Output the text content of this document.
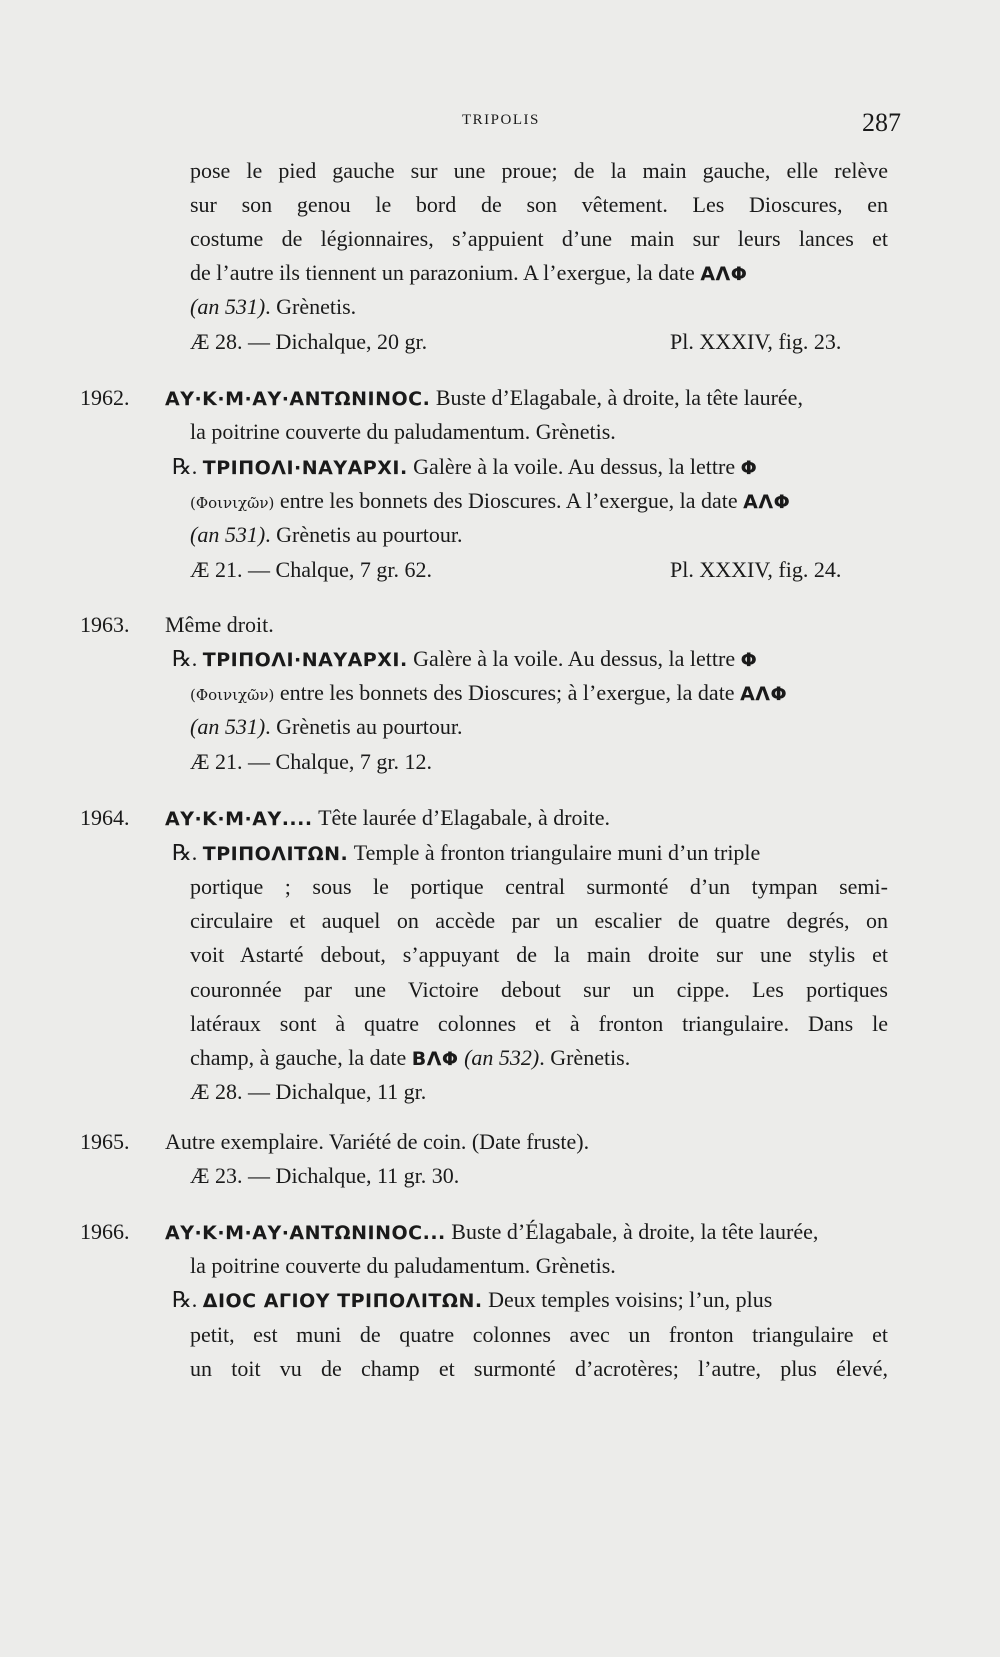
TRIPOLIS	287
pose le pied gauche sur une proue; de la main gauche, elle relève
sur son genou le bord de son vêtement. Les Dioscures, en
costume de légionnaires, s’appuient d’une main sur leurs lances et
de l’autre ils tiennent un parazonium. A l’exergue, la date ΑΛΦ
(an 531). Grènetis.
Æ 28. — Dichalque, 20 gr.	Pl. XXXIV, fig. 23.
1962. ΑΥ·Κ·Μ·ΑΥ·ΑΝΤΩΝΙΝΟϹ. Buste d’Elagabale, à droite, la tête laurée,
la poitrine couverte du paludamentum. Grènetis.
℞. ΤΡΙΠΟΛΙ·ΝΑΥΑΡΧΙ. Galère à la voile. Au dessus, la lettre Φ
(Φοινιχῶν) entre les bonnets des Dioscures. A l’exergue, la date ΑΛΦ
(an 531). Grènetis au pourtour.
Æ 21. — Chalque, 7 gr. 62.	Pl. XXXIV, fig. 24.
1963. Même droit.
℞. ΤΡΙΠΟΛΙ·ΝΑΥΑΡΧΙ. Galère à la voile. Au dessus, la lettre Φ
(Φοινιχῶν) entre les bonnets des Dioscures; à l’exergue, la date ΑΛΦ
(an 531). Grènetis au pourtour.
Æ 21. — Chalque, 7 gr. 12.
1964. ΑΥ·Κ·Μ·ΑΥ.... Tête laurée d’Elagabale, à droite.
℞. ΤΡΙΠΟΛΙΤΩΝ. Temple à fronton triangulaire muni d’un triple
portique ; sous le portique central surmonté d’un tympan semi-
circulaire et auquel on accède par un escalier de quatre degrés, on
voit Astarté debout, s’appuyant de la main droite sur une stylis et
couronnée par une Victoire debout sur un cippe. Les portiques
latéraux sont à quatre colonnes et à fronton triangulaire. Dans le
champ, à gauche, la date ΒΛΦ (an 532). Grènetis.
Æ 28. — Dichalque, 11 gr.
1965. Autre exemplaire. Variété de coin. (Date fruste).
Æ 23. — Dichalque, 11 gr. 30.
1966. ΑΥ·Κ·Μ·ΑΥ·ΑΝΤΩΝΙΝΟϹ... Buste d’Élagabale, à droite, la tête laurée,
la poitrine couverte du paludamentum. Grènetis.
℞. ΔΙΟϹ ΑΓΙΟΥ ΤΡΙΠΟΛΙΤΩΝ. Deux temples voisins; l’un, plus
petit, est muni de quatre colonnes avec un fronton triangulaire et
un toit vu de champ et surmonté d’acrotères; l’autre, plus élevé,
